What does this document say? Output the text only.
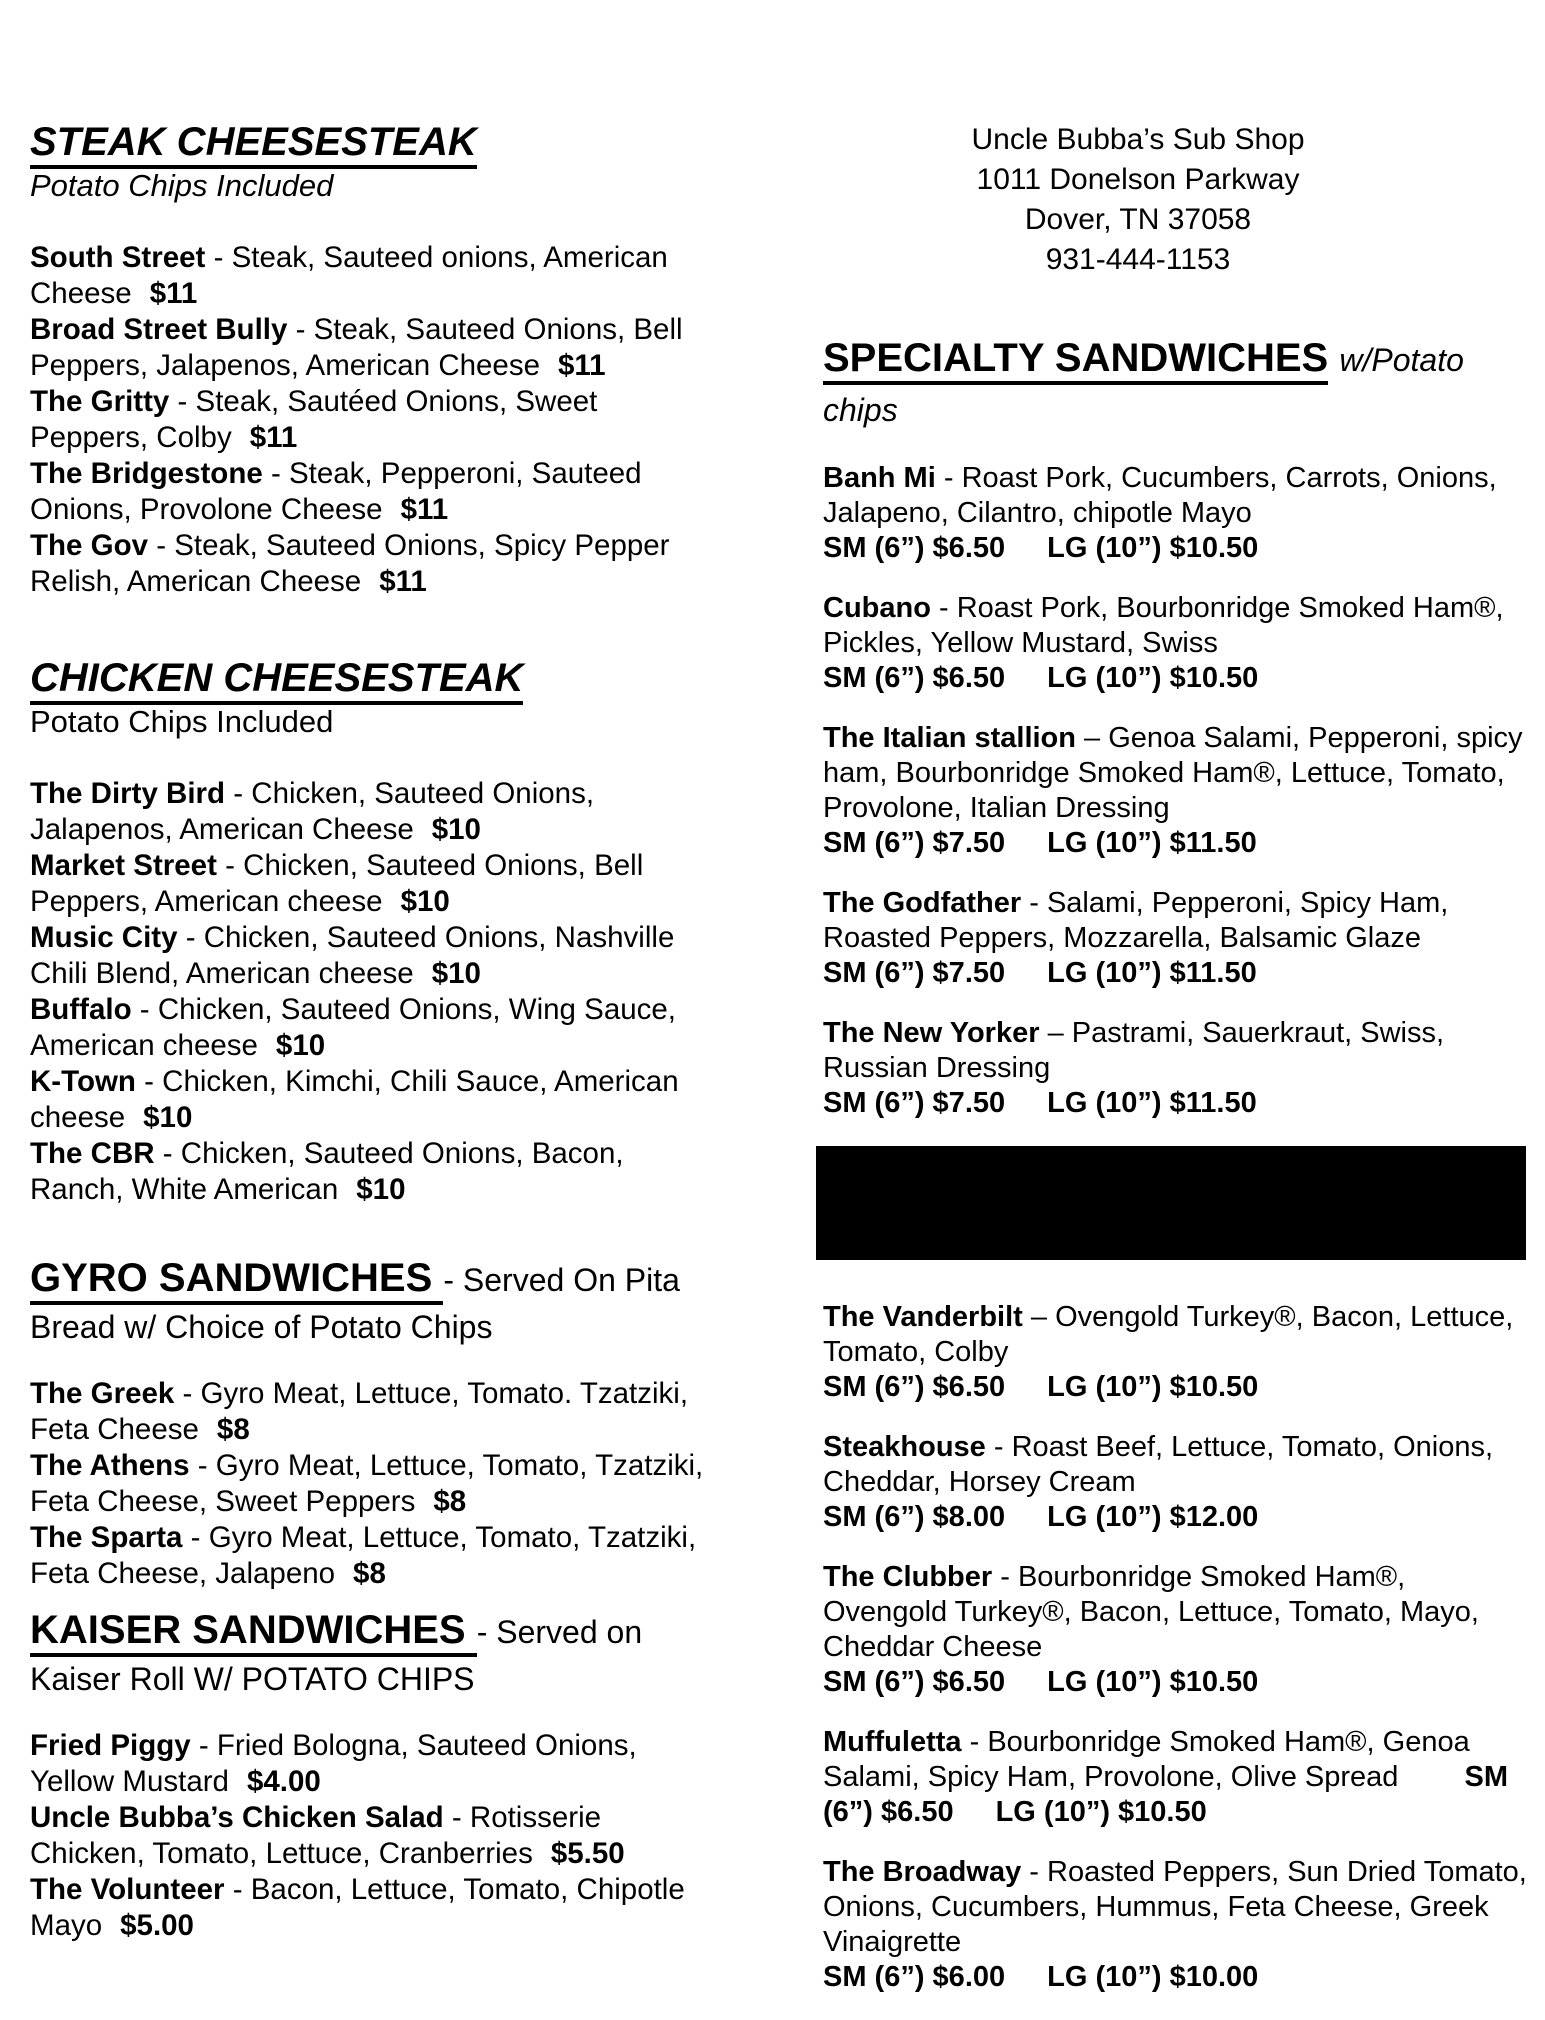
STEAK CHEESESTEAK

Potato Chips Included

South Street - Steak, Sauteed onions, American Cheese $11

Broad Street Bully - Steak, Sauteed Onions, Bell Peppers, Jalapenos, American Cheese $11

The Gritty - Steak, Sautéed Onions, Sweet Peppers, Colby $11

The Bridgestone - Steak, Pepperoni, Sauteed Onions, Provolone Cheese $11

The Gov - Steak, Sauteed Onions, Spicy Pepper Relish, American Cheese $11

CHICKEN CHEESESTEAK

Potato Chips Included

The Dirty Bird - Chicken, Sauteed Onions, Jalapenos, American Cheese $10

Market Street - Chicken, Sauteed Onions, Bell Peppers, American cheese $10

Music City - Chicken, Sauteed Onions, Nashville Chili Blend, American cheese $10

Buffalo - Chicken, Sauteed Onions, Wing Sauce, American cheese $10

K-Town - Chicken, Kimchi, Chili Sauce, American cheese $10

The CBR - Chicken, Sauteed Onions, Bacon, Ranch, White American $10

GYRO SANDWICHES - Served On Pita Bread w/ Choice of Potato Chips

The Greek - Gyro Meat, Lettuce, Tomato. Tzatziki, Feta Cheese $8

The Athens - Gyro Meat, Lettuce, Tomato, Tzatziki, Feta Cheese, Sweet Peppers $8

The Sparta - Gyro Meat, Lettuce, Tomato, Tzatziki, Feta Cheese, Jalapeno $8

KAISER SANDWICHES - Served on Kaiser Roll W/ POTATO CHIPS

Fried Piggy - Fried Bologna, Sauteed Onions, Yellow Mustard $4.00

Uncle Bubba’s Chicken Salad - Rotisserie Chicken, Tomato, Lettuce, Cranberries $5.50

The Volunteer - Bacon, Lettuce, Tomato, Chipotle Mayo $5.00

Uncle Bubba’s Sub Shop

1011 Donelson Parkway

Dover, TN 37058

931-444-1153

SPECIALTY SANDWICHES w/Potato chips
Banh Mi - Roast Pork, Cucumbers, Carrots, Onions, Jalapeno, Cilantro, chipotle Mayo
SM (6”) $6.50 LG (10”) $10.50
Cubano - Roast Pork, Bourbonridge Smoked Ham®, Pickles, Yellow Mustard, Swiss
SM (6”) $6.50 LG (10”) $10.50
The Italian stallion – Genoa Salami, Pepperoni, spicy ham, Bourbonridge Smoked Ham®, Lettuce, Tomato, Provolone, Italian Dressing
SM (6”) $7.50 LG (10”) $11.50
The Godfather - Salami, Pepperoni, Spicy Ham, Roasted Peppers, Mozzarella, Balsamic Glaze
SM (6”) $7.50 LG (10”) $11.50
The New Yorker – Pastrami, Sauerkraut, Swiss, Russian Dressing
SM (6”) $7.50 LG (10”) $11.50
The Vanderbilt – Ovengold Turkey®, Bacon, Lettuce, Tomato, Colby
SM (6”) $6.50 LG (10”) $10.50
Steakhouse - Roast Beef, Lettuce, Tomato, Onions, Cheddar, Horsey Cream
SM (6”) $8.00 LG (10”) $12.00
The Clubber - Bourbonridge Smoked Ham®, Ovengold Turkey®, Bacon, Lettuce, Tomato, Mayo, Cheddar Cheese
SM (6”) $6.50 LG (10”) $10.50
Muffuletta - Bourbonridge Smoked Ham®, Genoa Salami, Spicy Ham, Provolone, Olive Spread SM (6”) $6.50 LG (10”) $10.50
The Broadway - Roasted Peppers, Sun Dried Tomato, Onions, Cucumbers, Hummus, Feta Cheese, Greek Vinaigrette
SM (6”) $6.00 LG (10”) $10.00
